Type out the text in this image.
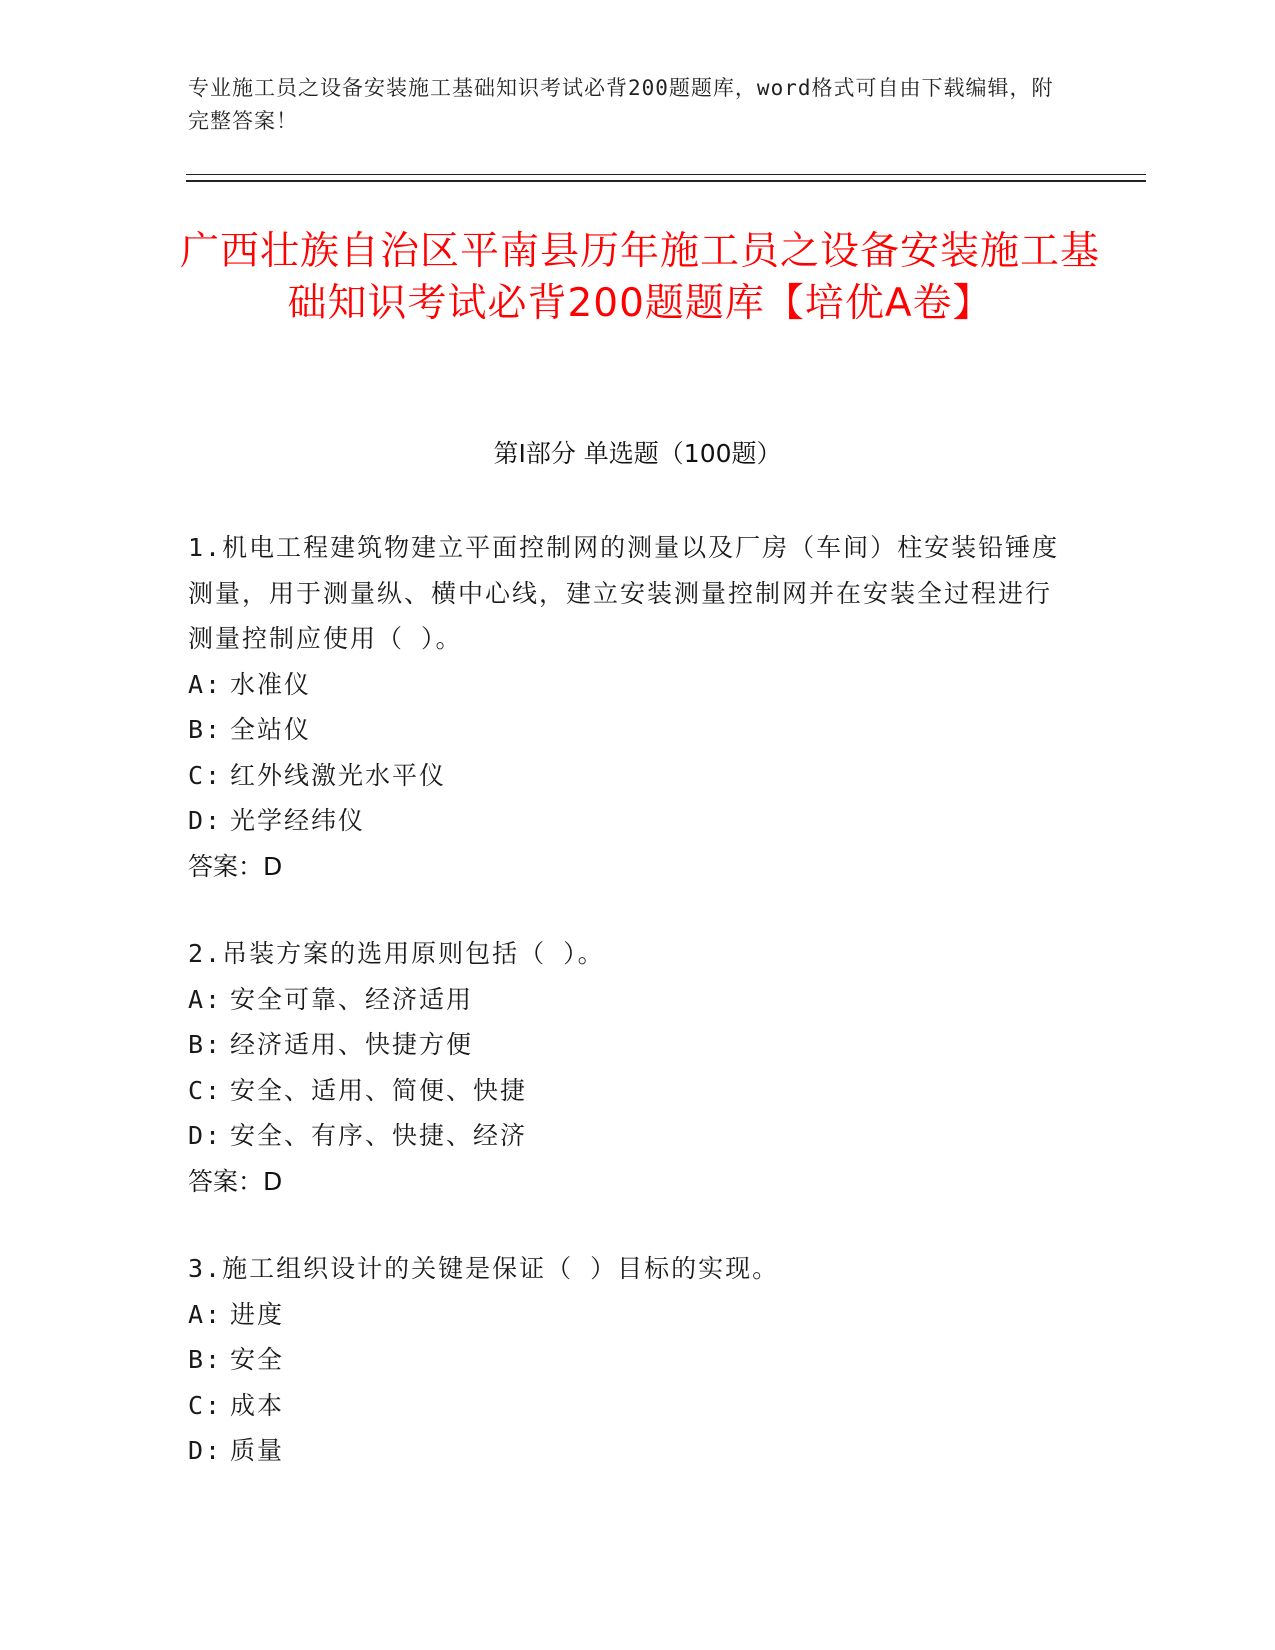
专业施工员之设备安装施工基础知识考试必背200题题库，word格式可自由下载编辑，附完整答案！
广西壮族自治区平南县历年施工员之设备安装施工基础知识考试必背200题题库【培优A卷】
第Ⅰ部分 单选题（100题）
1.机电工程建筑物建立平面控制网的测量以及厂房（车间）柱安装铅锤度测量，用于测量纵、横中心线，建立安装测量控制网并在安装全过程进行测量控制应使用（ ）。
A: 水准仪
B: 全站仪
C: 红外线激光水平仪
D: 光学经纬仪
答案： D
2.吊装方案的选用原则包括（ ）。
A: 安全可靠、经济适用
B: 经济适用、快捷方便
C: 安全、适用、简便、快捷
D: 安全、有序、快捷、经济
答案： D
3.施工组织设计的关键是保证（ ）目标的实现。
A: 进度
B: 安全
C: 成本
D: 质量
